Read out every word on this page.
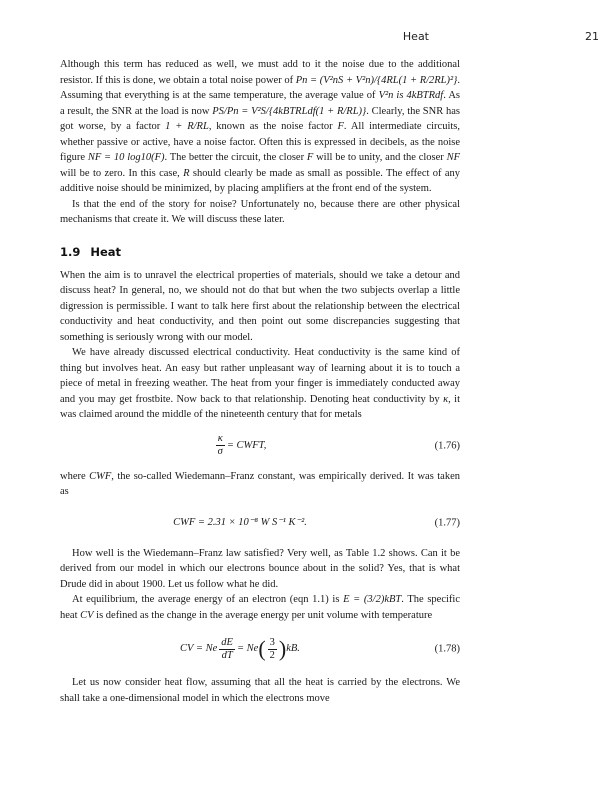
Heat	21

Although this term has reduced as well, we must add to it the noise due to the additional resistor. If this is done, we obtain a total noise power of Pn = (V²nS + V²n)/{4RL(1 + R/2RL)²}. Assuming that everything is at the same temperature, the average value of V²n is 4kBTRdf. As a result, the SNR at the load is now PS/Pn = V²S/{4kBTRLdf(1 + R/RL)}. Clearly, the SNR has got worse, by a factor 1 + R/RL, known as the noise factor F. All intermediate circuits, whether passive or active, have a noise factor. Often this is expressed in decibels, as the noise figure NF = 10 log10(F). The better the circuit, the closer F will be to unity, and the closer NF will be to zero. In this case, R should clearly be made as small as possible. The effect of any additive noise should be minimized, by placing amplifiers at the front end of the system.

Is that the end of the story for noise? Unfortunately no, because there are other physical mechanisms that create it. We will discuss these later.

1.9 Heat

When the aim is to unravel the electrical properties of materials, should we take a detour and discuss heat? In general, no, we should not do that but when the two subjects overlap a little digression is permissible. I want to talk here first about the relationship between the electrical conductivity and heat conductivity, and then point out some discrepancies suggesting that something is seriously wrong with our model.

We have already discussed electrical conductivity. Heat conductivity is the same kind of thing but involves heat. An easy but rather unpleasant way of learning about it is to touch a piece of metal in freezing weather. The heat from your finger is immediately conducted away and you may get frostbite. Now back to that relationship. Denoting heat conductivity by κ, it was claimed around the middle of the nineteenth century that for metals

$\frac{\kappa}{\sigma}$ = CWFT,	(1.76)

where CWF, the so-called Wiedemann–Franz constant, was empirically derived. It was taken as

CWF = 2.31 × 10⁻⁸ W S⁻¹ K⁻².	(1.77)

How well is the Wiedemann–Franz law satisfied? Very well, as Table 1.2 shows. Can it be derived from our model in which our electrons bounce about in the solid? Yes, that is what Drude did in about 1900. Let us follow what he did.

At equilibrium, the average energy of an electron (eqn 1.1) is E = (3/2)kBT. The specific heat CV is defined as the change in the average energy per unit volume with temperature

CV = Ne $\frac{dE}{dT} = Ne$ ( $\frac{3}{2}$ ) kB.	(1.78)

Let us now consider heat flow, assuming that all the heat is carried by the electrons. We shall take a one-dimensional model in which the electrons move
